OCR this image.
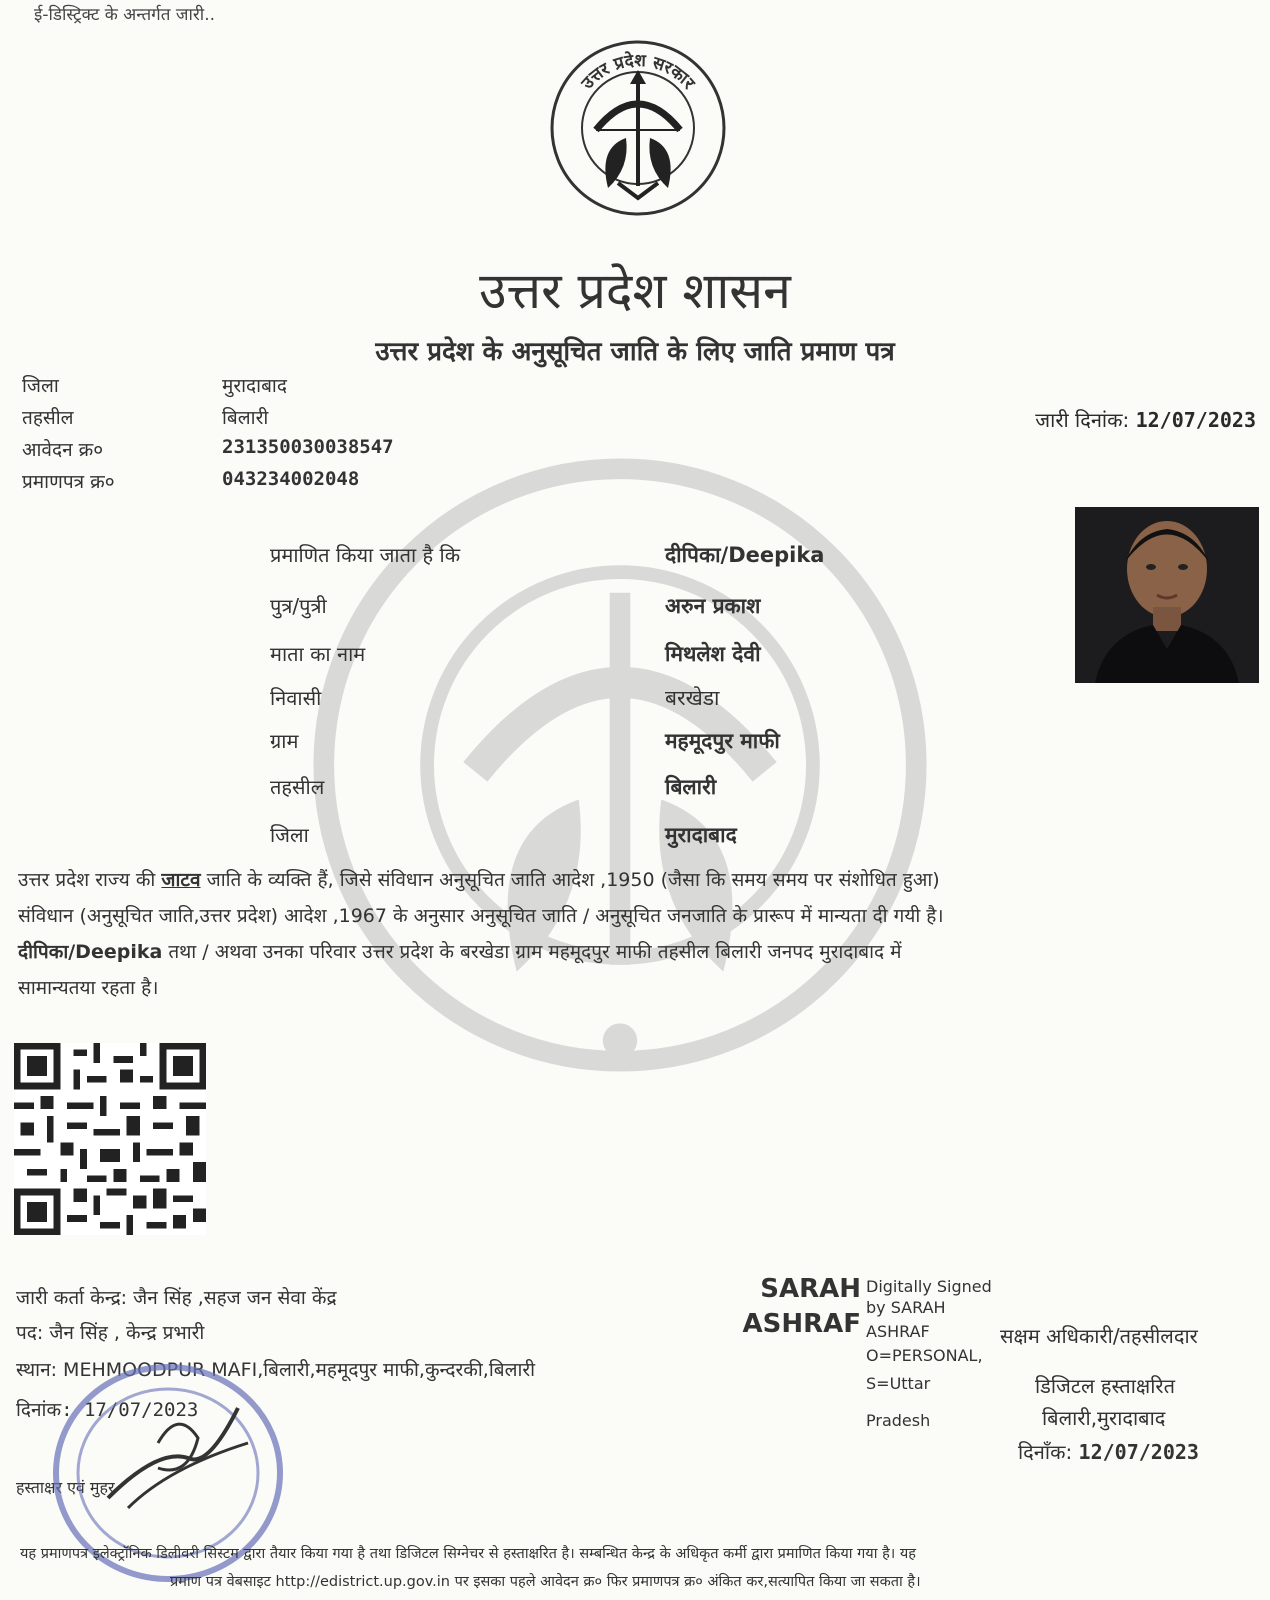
ई-डिस्ट्रिक्ट के अन्तर्गत जारी..
उत्तर प्रदेश सरकार
उत्तर प्रदेश शासन
उत्तर प्रदेश के अनुसूचित जाति के लिए जाति प्रमाण पत्र
जिला	मुरादाबाद
तहसील	बिलारी
आवेदन क्र०	231350030038547
प्रमाणपत्र क्र०	043234002048
जारी दिनांक: 12/07/2023
प्रमाणित किया जाता है कि	दीपिका/Deepika
पुत्र/पुत्री	अरुन प्रकाश
माता का नाम	मिथलेश देवी
निवासी	बरखेडा
ग्राम	महमूदपुर माफी
तहसील	बिलारी
जिला	मुरादाबाद
उत्तर प्रदेश राज्य की जाटव जाति के व्यक्ति हैं, जिसे संविधान अनुसूचित जाति आदेश ,1950 (जैसा कि समय समय पर संशोधित हुआ)
संविधान (अनुसूचित जाति,उत्तर प्रदेश) आदेश ,1967 के अनुसार अनुसूचित जाति / अनुसूचित जनजाति के प्रारूप में मान्यता दी गयी है।
दीपिका/Deepika तथा / अथवा उनका परिवार उत्तर प्रदेश के बरखेडा ग्राम महमूदपुर माफी तहसील बिलारी जनपद मुरादाबाद में
सामान्यतया रहता है।
जारी कर्ता केन्द्र: जैन सिंह ,सहज जन सेवा केंद्र
पद: जैन सिंह , केन्द्र प्रभारी
स्थान: MEHMOODPUR MAFI,बिलारी,महमूदपुर माफी,कुन्दरकी,बिलारी
दिनांक: 17/07/2023
हस्ताक्षर एवं मुहर
SARAH
ASHRAF
Digitally Signed
by SARAH
ASHRAF
O=PERSONAL,
S=Uttar
Pradesh
सक्षम अधिकारी/तहसीलदार
डिजिटल हस्ताक्षरित
बिलारी,मुरादाबाद
दिनाँक: 12/07/2023
यह प्रमाणपत्र इलेक्ट्रॉनिक डिलीवरी सिस्टम द्वारा तैयार किया गया है तथा डिजिटल सिग्नेचर से हस्ताक्षरित है। सम्बन्धित केन्द्र के अधिकृत कर्मी द्वारा प्रमाणित किया गया है। यह
प्रमाण पत्र वेबसाइट http://edistrict.up.gov.in पर इसका पहले आवेदन क्र० फिर प्रमाणपत्र क्र० अंकित कर,सत्यापित किया जा सकता है।
